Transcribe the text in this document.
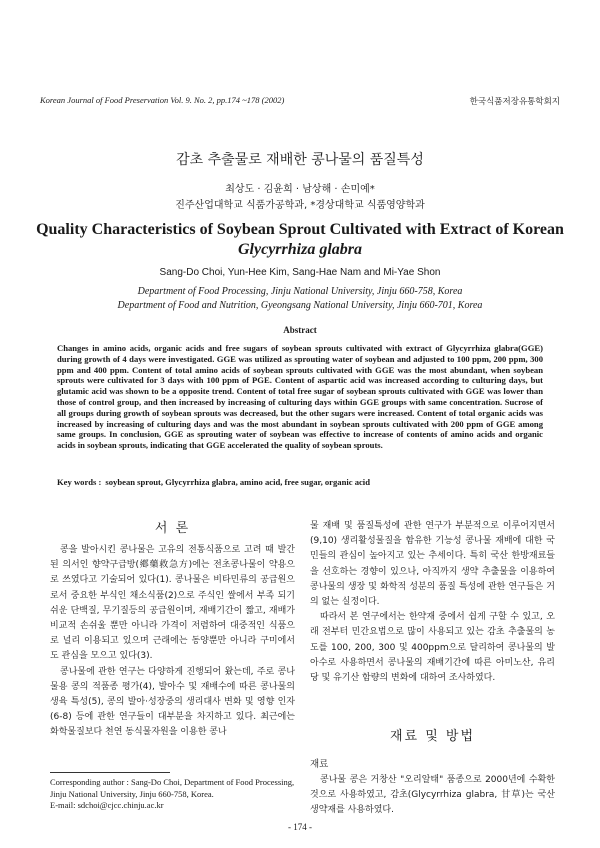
Korean Journal of Food Preservation Vol. 9. No. 2, pp.174 ~178 (2002)	한국식품저장유통학회지
감초 추출물로 재배한 콩나물의 품질특성
최상도 · 김윤희 · 남상해 · 손미예*
진주산업대학교 식품가공학과, *경상대학교 식품영양학과
Quality Characteristics of Soybean Sprout Cultivated with Extract of Korean
Glycyrrhiza glabra
Sang-Do Choi, Yun-Hee Kim, Sang-Hae Nam and Mi-Yae Shon
Department of Food Processing, Jinju National University, Jinju 660-758, Korea
Department of Food and Nutrition, Gyeongsang National University, Jinju 660-701, Korea
Abstract
Changes in amino acids, organic acids and free sugars of soybean sprouts cultivated with extract of Glycyrrhiza glabra(GGE) during growth of 4 days were investigated. GGE was utilized as sprouting water of soybean and adjusted to 100 ppm, 200 ppm, 300 ppm and 400 ppm. Content of total amino acids of soybean sprouts cultivated with GGE was the most abundant, when soybean sprouts were cultivated for 3 days with 100 ppm of PGE. Content of aspartic acid was increased according to culturing days, but glutamic acid was shown to be a opposite trend. Content of total free sugar of soybean sprouts cultivated with GGE was lower than those of control group, and then increased by increasing of culturing days within GGE groups with same concentration. Sucrose of all groups during growth of soybean sprouts was decreased, but the other sugars were increased. Content of total organic acids was increased by increasing of culturing days and was the most abundant in soybean sprouts cultivated with 200 ppm of GGE among same groups. In conclusion, GGE as sprouting water of soybean was effective to increase of contents of amino acids and organic acids in soybean sprouts, indicating that GGE accelerated the quality of soybean sprouts.
Key words : soybean sprout, Glycyrrhiza glabra, amino acid, free sugar, organic acid
서 론

콩을 발아시킨 콩나물은 고유의 전통식품으로 고려 때 발간된 의서인 향약구급방(鄕藥救急方)에는 전초콩나물이 약용으로 쓰였다고 기술되어 있다(1). 콩나물은 비타민류의 공급원으로서 중요한 부식인 채소식품(2)으로 주식인 쌀에서 부족 되기 쉬운 단백질, 무기질등의 공급원이며, 재배기간이 짧고, 재배가 비교적 손쉬울 뿐만 아니라 가격이 저렴하여 대중적인 식품으로 널리 이용되고 있으며 근래에는 동양뿐만 아니라 구미에서도 관심을 모으고 있다(3).

콩나물에 관한 연구는 다양하게 진행되어 왔는데, 주로 콩나물용 콩의 적품종 평가(4), 발아수 및 재배수에 따른 콩나물의 생육 특성(5), 콩의 발아·성장중의 생리대사 변화 및 영향 인자(6-8) 등에 관한 연구들이 대부분을 차지하고 있다. 최근에는 화학물질보다 천연 동식물자원을 이용한 콩나

물 재배 및 품질특성에 관한 연구가 부분적으로 이루어지면서(9,10) 생리활성물질을 함유한 기능성 콩나물 재배에 대한 국민들의 관심이 높아지고 있는 추세이다. 특히 국산 한방재료들을 선호하는 경향이 있으나, 아직까지 생약 추출물을 이용하여 콩나물의 생장 및 화학적 성분의 품질 특성에 관한 연구들은 거의 없는 실정이다.

따라서 본 연구에서는 한약재 중에서 쉽게 구할 수 있고, 오래 전부터 민간요법으로 많이 사용되고 있는 감초 추출물의 농도를 100, 200, 300 및 400ppm으로 달리하여 콩나물의 발아수로 사용하면서 콩나물의 재배기간에 따른 아미노산, 유리당 및 유기산 함량의 변화에 대하여 조사하였다.

재료 및 방법
재료

콩나물 콩은 거창산 "오리알태" 품종으로 2000년에 수확한 것으로 사용하였고, 감초(Glycyrrhiza glabra, 甘草)는 국산 생약재를 사용하였다.

Corresponding author : Sang-Do Choi, Department of Food Processing, Jinju National University, Jinju 660-758, Korea.
E-mail: sdchoi@cjcc.chinju.ac.kr
- 174 -
